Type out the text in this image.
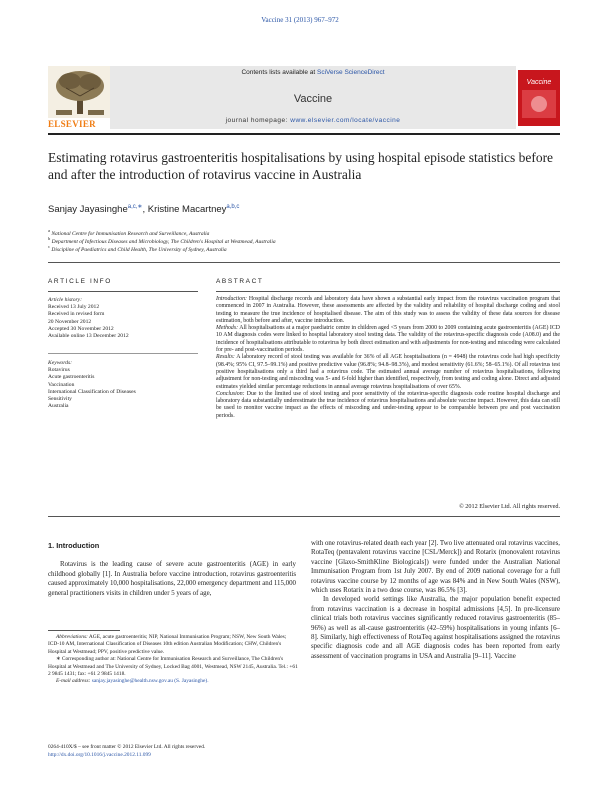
Vaccine 31 (2013) 967–972
ELSEVIER
Contents lists available at SciVerse ScienceDirect
Vaccine
journal homepage: www.elsevier.com/locate/vaccine
Vaccine
Estimating rotavirus gastroenteritis hospitalisations by using hospital episode statistics before and after the introduction of rotavirus vaccine in Australia
Sanjay Jayasinghe$^{a,c,∗}$, Kristine Macartney$^{a,b,c}$
$^a$ National Centre for Immunisation Research and Surveillance, Australia
$^b$ Department of Infectious Diseases and Microbiology, The Children's Hospital at Westmead, Australia
$^c$ Discipline of Paediatrics and Child Health, The University of Sydney, Australia
ARTICLE INFO	ABSTRACT
Article history:
Received 13 July 2012
Received in revised form
20 November 2012
Accepted 30 November 2012
Available online 13 December 2012
Keywords:
Rotavirus
Acute gastroenteritis
Vaccination
International Classification of Diseases
Sensitivity
Australia

Introduction: Hospital discharge records and laboratory data have shown a substantial early impact from the rotavirus vaccination program that commenced in 2007 in Australia. However, these assessments are affected by the validity and reliability of hospital discharge coding and stool testing to measure the true incidence of hospitalised disease. The aim of this study was to assess the validity of these data sources for disease estimation, both before and after, vaccine introduction.

Methods: All hospitalisations at a major paediatric centre in children aged <5 years from 2000 to 2009 containing acute gastroenteritis (AGE) ICD 10 AM diagnosis codes were linked to hospital laboratory stool testing data. The validity of the rotavirus-specific diagnosis code (A08.0) and the incidence of hospitalisations attributable to rotavirus by both direct estimation and with adjustments for non-testing and miscoding were calculated for pre- and post-vaccination periods.

Results: A laboratory record of stool testing was available for 36% of all AGE hospitalisations (n = 4948) the rotavirus code had high specificity (98.4%; 95% CI, 97.5–99.1%) and positive predictive value (96.8%; 94.8–98.3%), and modest sensitivity (61.6%; 58–65.1%). Of all rotavirus test positive hospitalisations only a third had a rotavirus code. The estimated annual average number of rotavirus hospitalisations, following adjustment for non-testing and miscoding was 5- and 6-fold higher than identified, respectively, from testing and coding alone. Direct and adjusted estimates yielded similar percentage reductions in annual average rotavirus hospitalisations of over 65%.

Conclusion: Due to the limited use of stool testing and poor sensitivity of the rotavirus-specific diagnosis code routine hospital discharge and laboratory data substantially underestimate the true incidence of rotavirus hospitalisations and absolute vaccine impact. However, this data can still be used to monitor vaccine impact as the effects of miscoding and under-testing appear to be comparable between pre and post vaccination periods.

© 2012 Elsevier Ltd. All rights reserved.
1. Introduction

Rotavirus is the leading cause of severe acute gastroenteritis (AGE) in early childhood globally [1]. In Australia before vaccine introduction, rotavirus gastroenteritis caused approximately 10,000 hospitalisations, 22,000 emergency department and 115,000 general practitioners visits in children under 5 years of age,

with one rotavirus-related death each year [2]. Two live attenuated oral rotavirus vaccines, RotaTeq (pentavalent rotavirus vaccine [CSL/Merck]) and Rotarix (monovalent rotavirus vaccine [Glaxo-SmithKline Biologicals]) were funded under the Australian National Immunisation Program from 1st July 2007. By end of 2009 national coverage for a full rotavirus vaccine course by 12 months of age was 84% and in New South Wales (NSW), which uses Rotarix in a two dose course, was 86.5% [3].

In developed world settings like Australia, the major population benefit expected from rotavirus vaccination is a decrease in hospital admissions [4,5]. In pre-licensure clinical trials both rotavirus vaccines significantly reduced rotavirus gastroenteritis (85–96%) as well as all-cause gastroenteritis (42–59%) hospitalisations in young infants [6–8]. Similarly, high effectiveness of RotaTeq against hospitalisations assigned the rotavirus specific diagnosis code and all AGE diagnosis codes has been reported from early assessment of vaccination programs in USA and Australia [9–11]. Vaccine

Abbreviations: AGE, acute gastroenteritis; NIP, National Immunisation Program; NSW, New South Wales; ICD-10 AM, International Classification of Diseases 10th edition Australian Modification; CHW, Children's Hospital at Westmead; PPV, positive predictive value.

∗ Corresponding author at: National Centre for Immunisation Research and Surveillance, The Children's Hospital at Westmead and The University of Sydney, Locked Bag 4001, Westmead, NSW 2145, Australia. Tel.: +61 2 9845 1431; fax: +61 2 9845 1418.

E-mail address: sanjay.jayasinghe@health.nsw.gov.au (S. Jayasinghe).

0264-410X/$ – see front matter © 2012 Elsevier Ltd. All rights reserved.
http://dx.doi.org/10.1016/j.vaccine.2012.11.099
